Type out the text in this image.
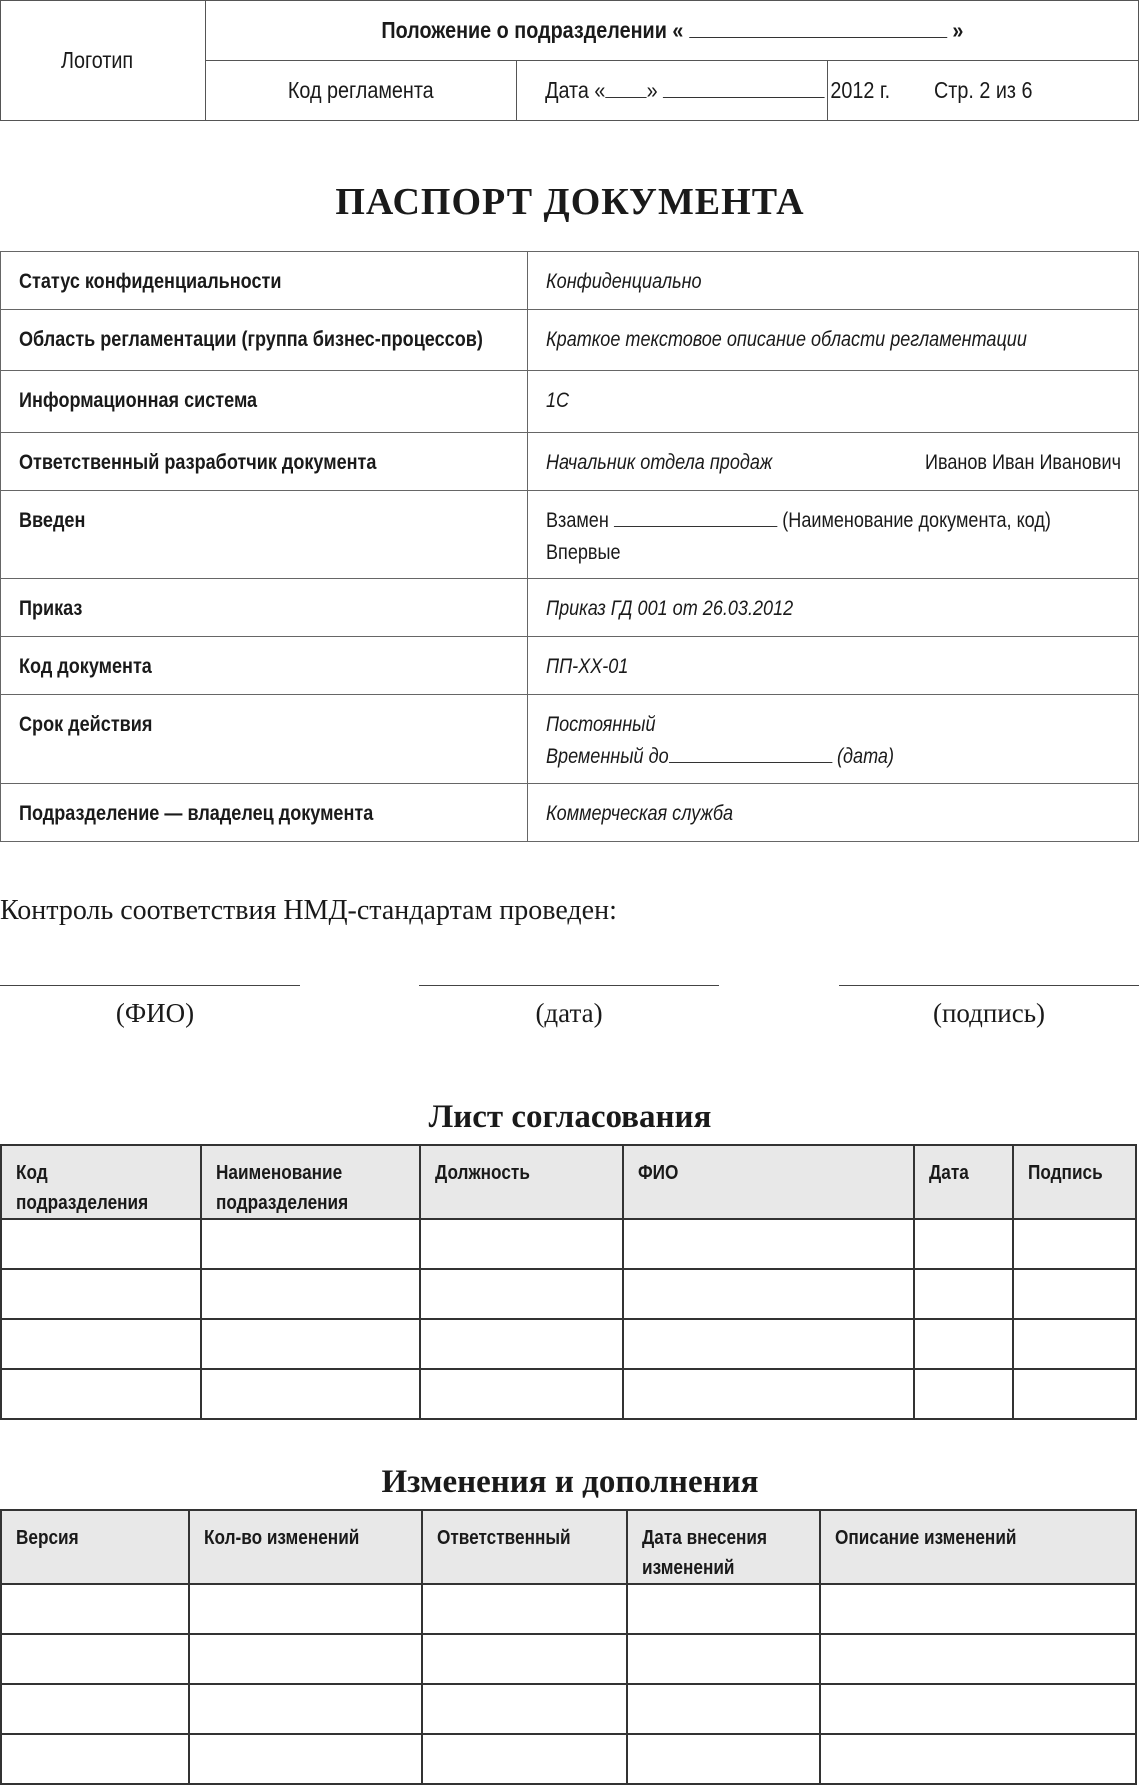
Логотип	Положение о подразделении « »		
	Код регламента	Дата « » 2012 г.	Стр. 2 из 6
ПАСПОРТ ДОКУМЕНТА
Статус конфиденциальности	Конфиденциально
Область регламентации (группа бизнес-процессов)	Краткое текстовое описание области регламентации
Информационная система	1С
Ответственный разработчик документа	Начальник отдела продаж Иванов Иван Иванович
Введен	Взамен (Наименование документа, код)
Впервые

Приказ	Приказ ГД 001 от 26.03.2012
Код документа	ПП-ХХ-01
Срок действия	Постоянный
Временный до (дата)

Подразделение — владелец документа	Коммерческая служба
Контроль соответствия НМД-стандартам проведен:
(ФИО)	(дата)	(подпись)
Лист согласования
Код подразделения	Наименование подразделения	Должность	ФИО	Дата	Подпись

Изменения и дополнения
Версия	Кол-во изменений	Ответственный	Дата внесения изменений	Описание изменений
